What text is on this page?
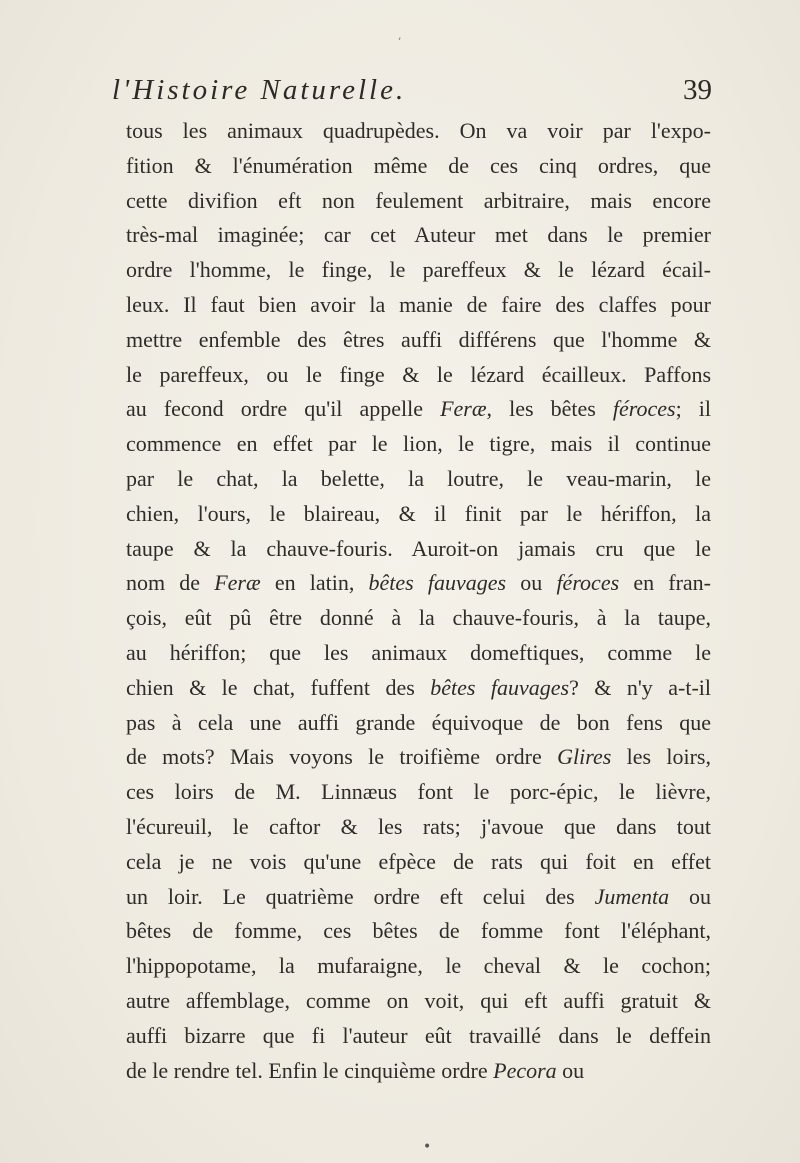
’
l'Histoire Naturelle.	39
tous les animaux quadrupèdes. On va voir par l'expo-
fition & l'énumération même de ces cinq ordres, que
cette divifion eft non feulement arbitraire, mais encore
très-mal imaginée; car cet Auteur met dans le premier
ordre l'homme, le finge, le pareffeux & le lézard écail-
leux. Il faut bien avoir la manie de faire des claffes pour
mettre enfemble des êtres auffi différens que l'homme &
le pareffeux, ou le finge & le lézard écailleux. Paffons
au fecond ordre qu'il appelle Feræ, les bêtes féroces; il
commence en effet par le lion, le tigre, mais il continue
par le chat, la belette, la loutre, le veau-marin, le
chien, l'ours, le blaireau, & il finit par le hériffon, la
taupe & la chauve-fouris. Auroit-on jamais cru que le
nom de Feræ en latin, bêtes fauvages ou féroces en fran-
çois, eût pû être donné à la chauve-fouris, à la taupe,
au hériffon; que les animaux domeftiques, comme le
chien & le chat, fuffent des bêtes fauvages? & n'y a-t-il
pas à cela une auffi grande équivoque de bon fens que
de mots? Mais voyons le troifième ordre Glires les loirs,
ces loirs de M. Linnæus font le porc-épic, le lièvre,
l'écureuil, le caftor & les rats; j'avoue que dans tout
cela je ne vois qu'une efpèce de rats qui foit en effet
un loir. Le quatrième ordre eft celui des Jumenta ou
bêtes de fomme, ces bêtes de fomme font l'éléphant,
l'hippopotame, la mufaraigne, le cheval & le cochon;
autre affemblage, comme on voit, qui eft auffi gratuit &
auffi bizarre que fi l'auteur eût travaillé dans le deffein
de le rendre tel. Enfin le cinquième ordre Pecora ou
•
